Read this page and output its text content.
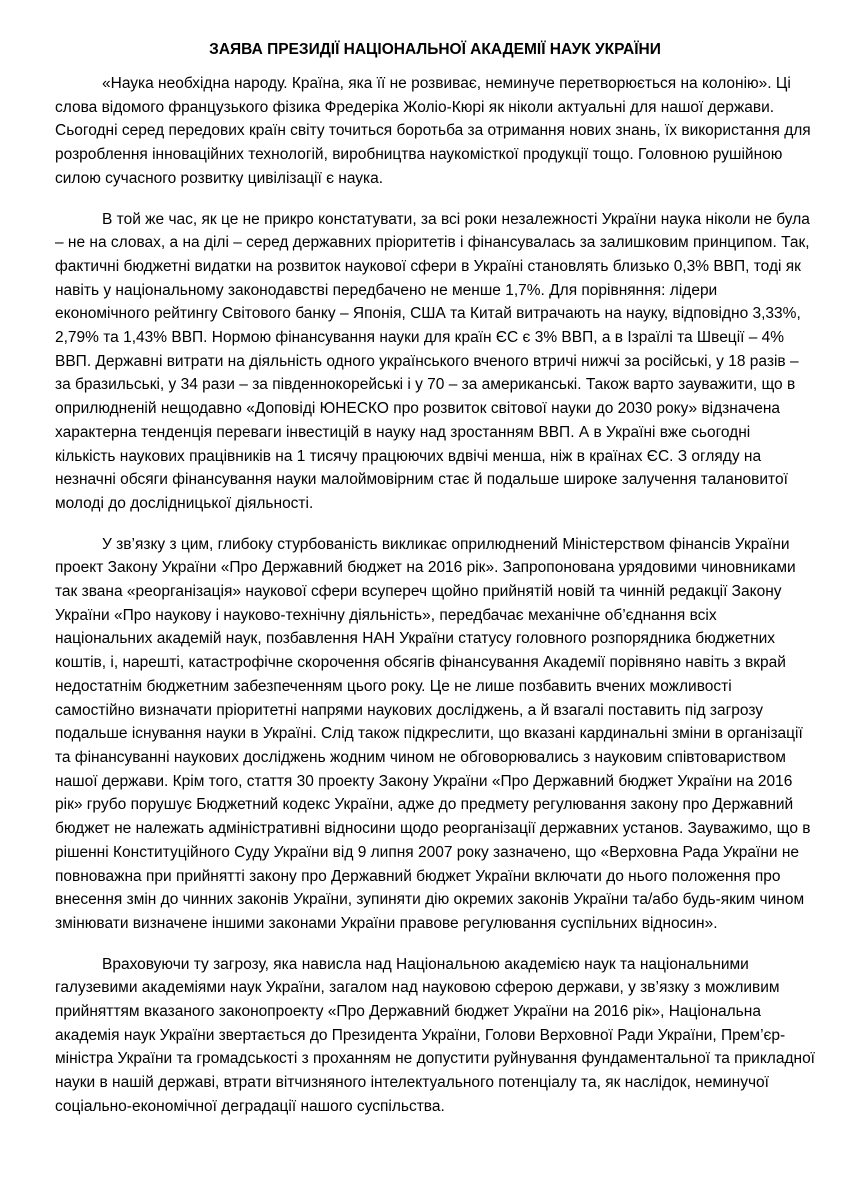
ЗАЯВА ПРЕЗИДІЇ НАЦІОНАЛЬНОЇ АКАДЕМІЇ НАУК УКРАЇНИ

«Наука необхідна народу. Країна, яка її не розвиває, неминуче перетворюється на колонію». Ці слова відомого французького фізика Фредеріка Жоліо-Кюрі як ніколи актуальні для нашої держави. Сьогодні серед передових країн світу точиться боротьба за отримання нових знань, їх використання для розроблення інноваційних технологій, виробництва наукомісткої продукції тощо. Головною рушійною силою сучасного розвитку цивілізації є наука.

В той же час, як це не прикро констатувати, за всі роки незалежності України наука ніколи не була – не на словах, а на ділі – серед державних пріоритетів і фінансувалась за залишковим принципом. Так, фактичні бюджетні видатки на розвиток наукової сфери в Україні становлять близько 0,3% ВВП, тоді як навіть у національному законодавстві передбачено не менше 1,7%. Для порівняння: лідери економічного рейтингу Світового банку – Японія, США та Китай витрачають на науку, відповідно 3,33%, 2,79% та 1,43% ВВП. Нормою фінансування науки для країн ЄС є 3% ВВП, а в Ізраїлі та Швеції – 4% ВВП. Державні витрати на діяльність одного українського вченого втричі нижчі за російські, у 18 разів – за бразильські, у 34 рази – за південнокорейські і у 70 – за американські. Також варто зауважити, що в оприлюдненій нещодавно «Доповіді ЮНЕСКО про розвиток світової науки до 2030 року» відзначена характерна тенденція переваги інвестицій в науку над зростанням ВВП. А в Україні вже сьогодні кількість наукових працівників на 1 тисячу працюючих вдвічі менша, ніж в країнах ЄС. З огляду на незначні обсяги фінансування науки малоймовірним стає й подальше широке залучення талановитої молоді до дослідницької діяльності.

У зв’язку з цим, глибоку стурбованість викликає оприлюднений Міністерством фінансів України проект Закону України «Про Державний бюджет на 2016 рік». Запропонована урядовими чиновниками так звана «реорганізація» наукової сфери всупереч щойно прийнятій новій та чинній редакції Закону України «Про наукову і науково-технічну діяльність», передбачає механічне об’єднання всіх національних академій наук, позбавлення НАН України статусу головного розпорядника бюджетних коштів, і, нарешті, катастрофічне скорочення обсягів фінансування Академії порівняно навіть з вкрай недостатнім бюджетним забезпеченням цього року. Це не лише позбавить вчених можливості самостійно визначати пріоритетні напрями наукових досліджень, а й взагалі поставить під загрозу подальше існування науки в Україні. Слід також підкреслити, що вказані кардинальні зміни в організації та фінансуванні наукових досліджень жодним чином не обговорювались з науковим співтовариством нашої держави. Крім того, стаття 30 проекту Закону України «Про Державний бюджет України на 2016 рік» грубо порушує Бюджетний кодекс України, адже до предмету регулювання закону про Державний бюджет не належать адміністративні відносини щодо реорганізації державних установ. Зауважимо, що в рішенні Конституційного Суду України від 9 липня 2007 року зазначено, що «Верховна Рада України не повноважна при прийнятті закону про Державний бюджет України включати до нього положення про внесення змін до чинних законів України, зупиняти дію окремих законів України та/або будь-яким чином змінювати визначене іншими законами України правове регулювання суспільних відносин».

Враховуючи ту загрозу, яка нависла над Національною академією наук та національними галузевими академіями наук України, загалом над науковою сферою держави, у зв’язку з можливим прийняттям вказаного законопроекту «Про Державний бюджет України на 2016 рік», Національна академія наук України звертається до Президента України, Голови Верховної Ради України, Прем’єр-міністра України та громадськості з проханням не допустити руйнування фундаментальної та прикладної науки в нашій державі, втрати вітчизняного інтелектуального потенціалу та, як наслідок, неминучої соціально-економічної деградації нашого суспільства.
